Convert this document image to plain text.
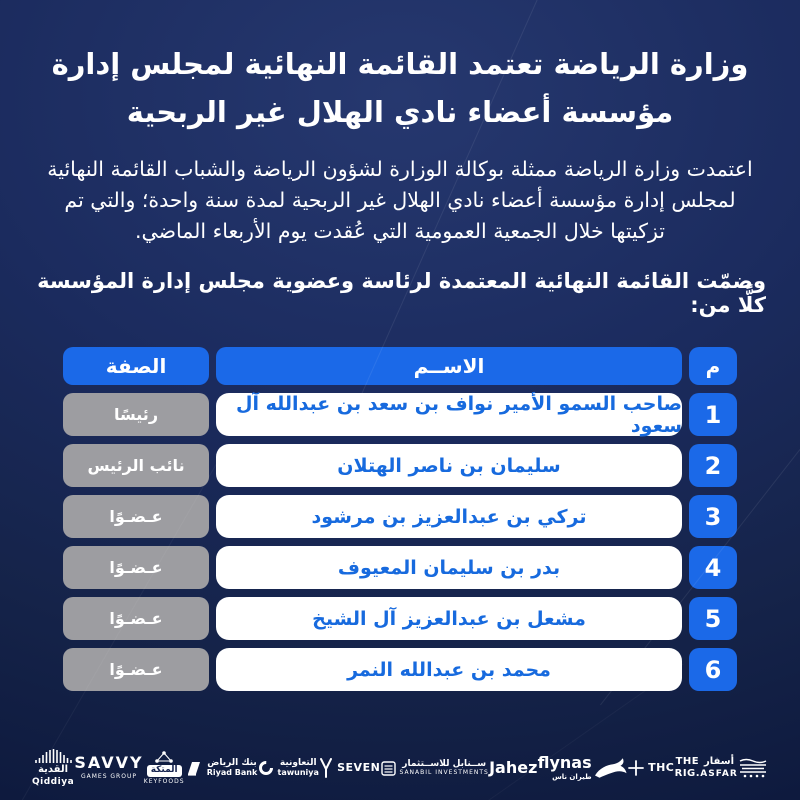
وزارة الرياضة تعتمد القائمة النهائية لمجلس إدارة
مؤسسة أعضاء نادي الهلال غير الربحية

اعتمدت وزارة الرياضة ممثلة بوكالة الوزارة لشؤون الرياضة والشباب القائمة النهائية لمجلس إدارة مؤسسة أعضاء نادي الهلال غير الربحية لمدة سنة واحدة؛ والتي تم تزكيتها خلال الجمعية العمومية التي عُقدت يوم الأربعاء الماضي.

وضمّت القائمة النهائية المعتمدة لرئاسة وعضوية مجلس إدارة المؤسسة كلًّا من:
م
الاســم
الصفة
1
صاحب السمو الأمير نواف بن سعد بن عبدالله آل سعود
رئيسًا
2
سليمان بن ناصر الهتلان
نائب الرئيس
3
تركي بن عبدالعزيز بن مرشود
عـضـوًا
4
بدر بن سليمان المعيوف
عـضـوًا
5
مشعل بن عبدالعزيز آل الشيخ
عـضـوًا
6
محمد بن عبدالله النمر
عـضـوًا
القدية
Qiddiya
SAVVY
GAMES GROUP
المتكة
KEYFOODS
بنك الرياض
Riyad Bank
التعاونية
tawuniya SEVEN ســنابل للاســتثمار
SANABIL INVESTMENTS Jahez flynas
طيران ناس
THC THE
RIG.
أسفار
ASFAR
